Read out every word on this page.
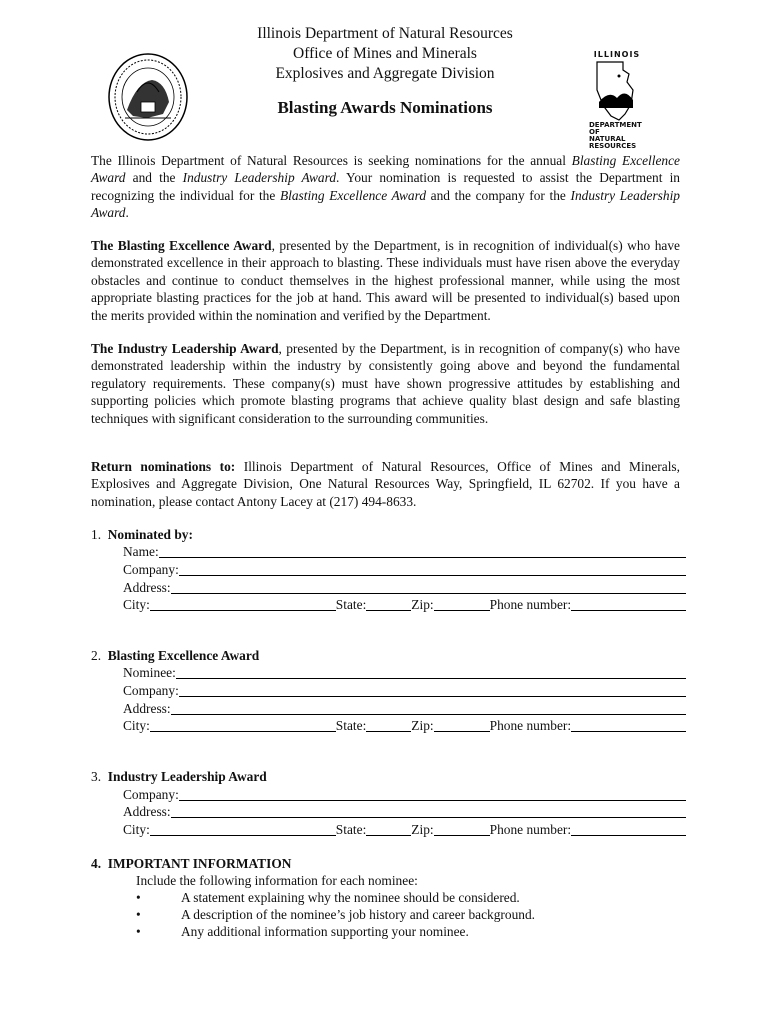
Illinois Department of Natural Resources
Office of Mines and Minerals
Explosives and Aggregate Division
Blasting Awards Nominations
ILLINOIS
DEPARTMENT OF
NATURAL
RESOURCES
The Illinois Department of Natural Resources is seeking nominations for the annual Blasting Excellence Award and the Industry Leadership Award. Your nomination is requested to assist the Department in recognizing the individual for the Blasting Excellence Award and the company for the Industry Leadership Award.
The Blasting Excellence Award, presented by the Department, is in recognition of individual(s) who have demonstrated excellence in their approach to blasting. These individuals must have risen above the everyday obstacles and continue to conduct themselves in the highest professional manner, while using the most appropriate blasting practices for the job at hand. This award will be presented to individual(s) based upon the merits provided within the nomination and verified by the Department.
The Industry Leadership Award, presented by the Department, is in recognition of company(s) who have demonstrated leadership within the industry by consistently going above and beyond the fundamental regulatory requirements. These company(s) must have shown progressive attitudes by establishing and supporting policies which promote blasting programs that achieve quality blast design and safe blasting techniques with significant consideration to the surrounding communities.
Return nominations to: Illinois Department of Natural Resources, Office of Mines and Minerals, Explosives and Aggregate Division, One Natural Resources Way, Springfield, IL 62702. If you have a nomination, please contact Antony Lacey at (217) 494-8633.
1. Nominated by:
Name:
Company:
Address:
City:	State:	Zip:	Phone number:
2. Blasting Excellence Award
Nominee:
Company:
Address:
City:	State:	Zip:	Phone number:
3. Industry Leadership Award
Company:
Address:
City:	State:	Zip:	Phone number:
4. IMPORTANT INFORMATION
Include the following information for each nominee:
•	A statement explaining why the nominee should be considered.
•	A description of the nominee’s job history and career background.
•	Any additional information supporting your nominee.
